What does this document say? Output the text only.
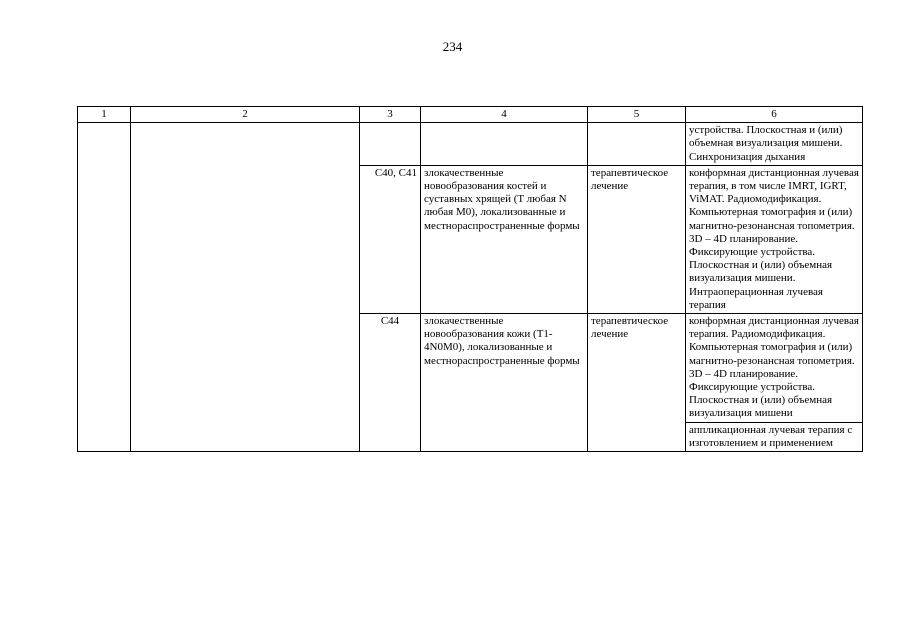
234
1	2	3	4	5	6
					устройства. Плоскостная и (или) объемная визуализация мишени. Синхронизация дыхания
		C40, C41	злокачественные новообразования костей и суставных хрящей (T любая N любая M0), локализованные и местнораспространенные формы	терапевтическое лечение	конформная дистанционная лучевая терапия, в том числе IMRT, IGRT, ViMAT. Радиомодификация. Компьютерная томография и (или) магнитно-резонансная топометрия. 3D – 4D планирование. Фиксирующие устройства. Плоскостная и (или) объемная визуализация мишени. Интраоперационная лучевая терапия
		C44	злокачественные новообразования кожи (T1-4N0M0), локализованные и местнораспространенные формы	терапевтическое лечение	конформная дистанционная лучевая терапия. Радиомодификация. Компьютерная томография и (или) магнитно-резонансная топометрия. 3D – 4D планирование. Фиксирующие устройства. Плоскостная и (или) объемная визуализация мишени
					аппликационная лучевая терапия с изготовлением и применением
